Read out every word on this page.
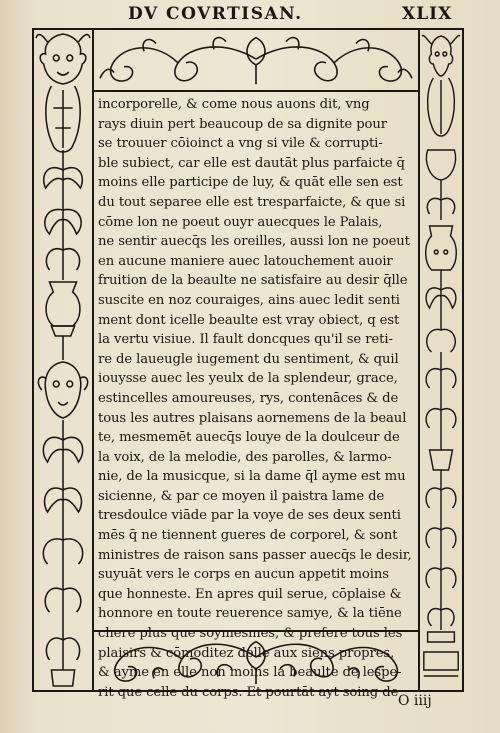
DV COVRTISAN.	XLIX
incorporelle, & come nous auons dit, vng
rays diuin pert beaucoup de sa dignite pour
se trouuer cōioinct a vng si vile & corrupti-
ble subiect, car elle est dautāt plus parfaicte q̄
moins elle participe de luy, & quāt elle sen est
du tout separee elle est tresparfaicte, & que si
cōme lon ne poeut ouyr auecques le Palais,
ne sentir auecq̄s les oreilles, aussi lon ne poeut
en aucune maniere auec latouchement auoir
fruition de la beaulte ne satisfaire au desir q̄lle
suscite en noz couraiges, ains auec ledit senti
ment dont icelle beaulte est vray obiect, q est
la vertu visiue. Il fault doncques qu'il se reti-
re de laueugle iugement du sentiment, & quil
iouysse auec les yeulx de la splendeur, grace,
estincelles amoureuses, rys, contenāces & de
tous les autres plaisans aornemens de la beaul
te, mesmemēt auecq̄s louye de la doulceur de
la voix, de la melodie, des parolles, & larmo-
nie, de la musicque, si la dame q̄l ayme est mu
sicienne, & par ce moyen il paistra lame de
tresdoulce viāde par la voye de ses deux senti
mēs q̄ ne tiennent gueres de corporel, & sont
ministres de raison sans passer auecq̄s le desir,
suyuāt vers le corps en aucun appetit moins
que honneste. En apres quil serue, cōplaise &
honnore en toute reuerence samye, & la tiēne
chere plus que soymesmes, & prefere tous les
plaisirs & cōmoditez delle aux siens propres,
& ayme en elle non moins la beaulte de lespe-
rit que celle du corps. Et pourtāt ayt soing de
O iiij
